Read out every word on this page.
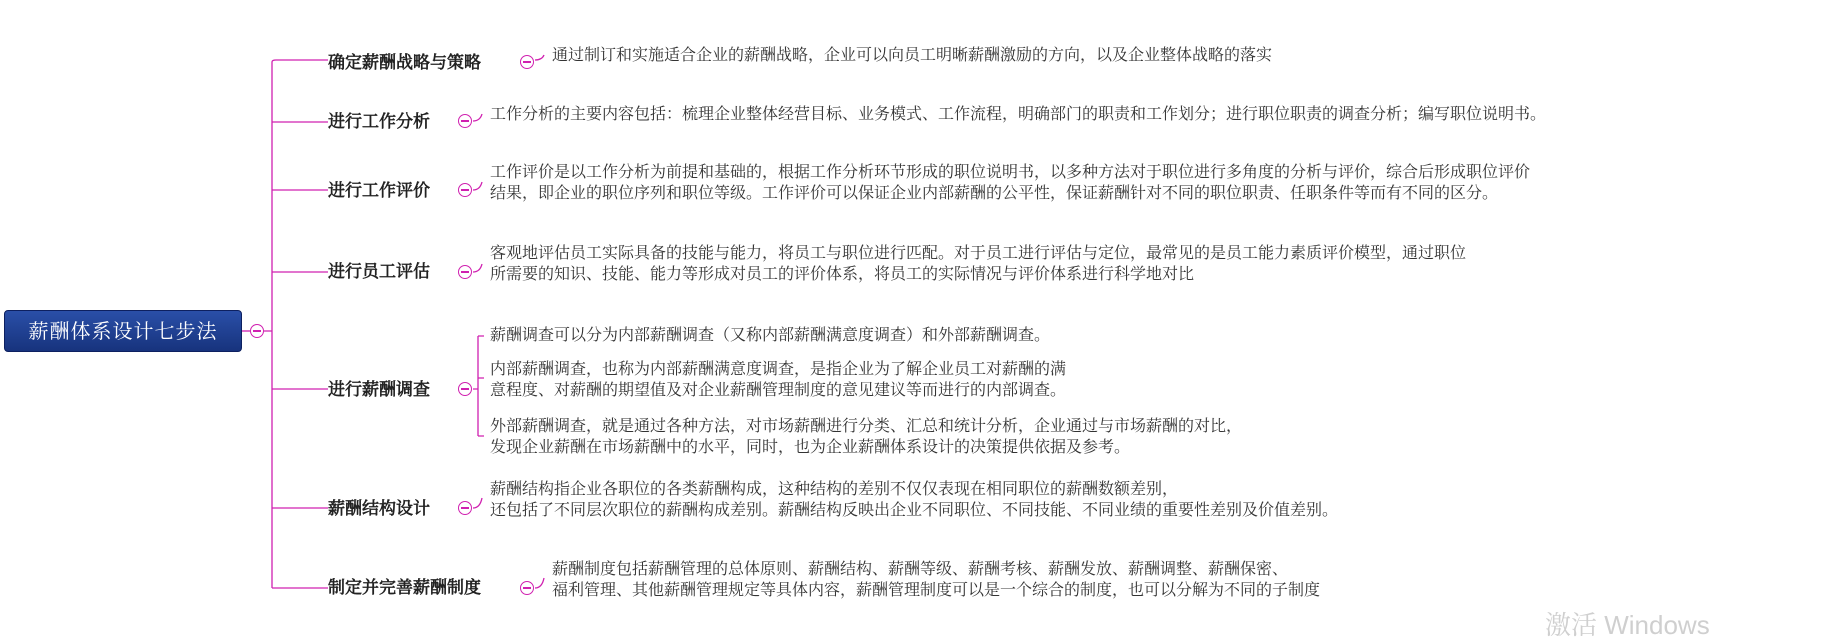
薪酬体系设计七步法
确定薪酬战略与策略	通过制订和实施适合企业的薪酬战略，企业可以向员工明晰薪酬激励的方向，以及企业整体战略的落实
进行工作分析	工作分析的主要内容包括：梳理企业整体经营目标、业务模式、工作流程，明确部门的职责和工作划分；进行职位职责的调查分析；编写职位说明书。
进行工作评价
工作评价是以工作分析为前提和基础的，根据工作分析环节形成的职位说明书，以多种方法对于职位进行多角度的分析与评价，综合后形成职位评价
结果，即企业的职位序列和职位等级。工作评价可以保证企业内部薪酬的公平性，保证薪酬针对不同的职位职责、任职条件等而有不同的区分。
进行员工评估
客观地评估员工实际具备的技能与能力，将员工与职位进行匹配。对于员工进行评估与定位，最常见的是员工能力素质评价模型，通过职位
所需要的知识、技能、能力等形成对员工的评价体系，将员工的实际情况与评价体系进行科学地对比
进行薪酬调查
薪酬调查可以分为内部薪酬调查（又称内部薪酬满意度调查）和外部薪酬调查。
内部薪酬调查，也称为内部薪酬满意度调查，是指企业为了解企业员工对薪酬的满
意程度、对薪酬的期望值及对企业薪酬管理制度的意见建议等而进行的内部调查。
外部薪酬调查，就是通过各种方法，对市场薪酬进行分类、汇总和统计分析，企业通过与市场薪酬的对比，
发现企业薪酬在市场薪酬中的水平，同时，也为企业薪酬体系设计的决策提供依据及参考。
薪酬结构设计
薪酬结构指企业各职位的各类薪酬构成，这种结构的差别不仅仅表现在相同职位的薪酬数额差别，
还包括了不同层次职位的薪酬构成差别。薪酬结构反映出企业不同职位、不同技能、不同业绩的重要性差别及价值差别。
制定并完善薪酬制度
薪酬制度包括薪酬管理的总体原则、薪酬结构、薪酬等级、薪酬考核、薪酬发放、薪酬调整、薪酬保密、
福利管理、其他薪酬管理规定等具体内容，薪酬管理制度可以是一个综合的制度，也可以分解为不同的子制度
激活 Windows
